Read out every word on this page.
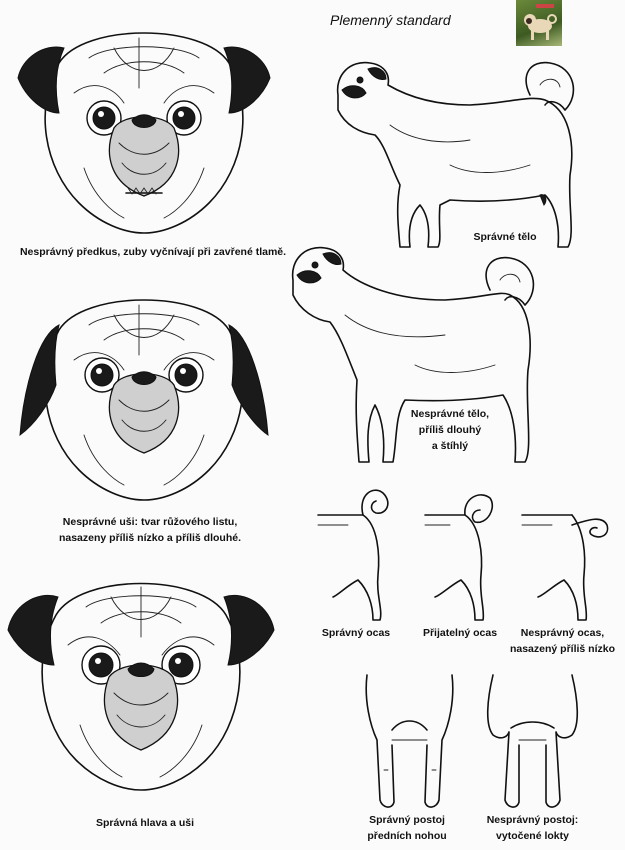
Plemenný standard
Nesprávný předkus, zuby vyčnívají při zavřené tlamě.
Nesprávné uši: tvar růžového listu,
nasazeny příliš nízko a příliš dlouhé.
Správná hlava a uši
Správné tělo
Nesprávné tělo,
příliš dlouhý
a štíhlý
Správný ocas	Přijatelný ocas	Nesprávný ocas,
nasazený příliš nízko
Správný postoj
předních nohou
Nesprávný postoj:
vytočené lokty
